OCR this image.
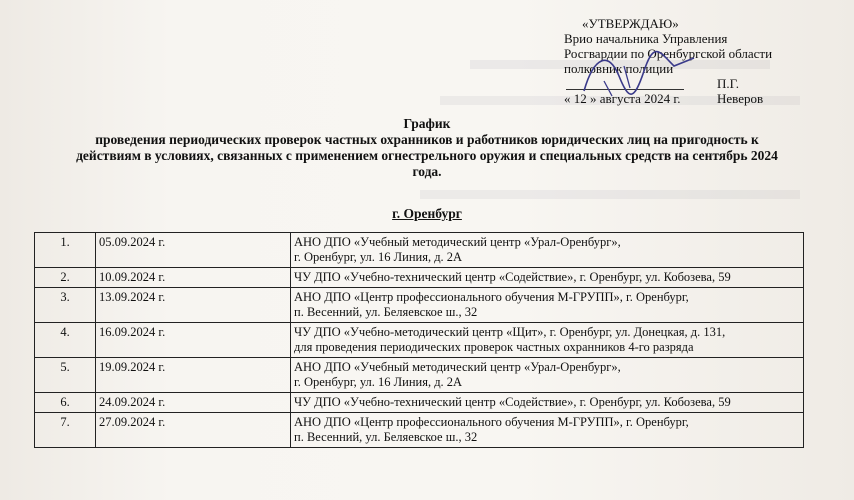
«УТВЕРЖДАЮ»
Врио начальника Управления
Росгвардии по Оренбургской области
полковник полиции
П.Г. Неверов
« 12 » августа 2024 г.
График
проведения периодических проверок частных охранников и работников юридических лиц на пригодность к
действиям в условиях, связанных с применением огнестрельного оружия и специальных средств на сентябрь 2024
года.
г. Оренбург
1.	05.09.2024 г.	АНО ДПО «Учебный методический центр «Урал-Оренбург»,
г. Оренбург, ул. 16 Линия, д. 2А

2.	10.09.2024 г.	ЧУ ДПО «Учебно-технический центр «Содействие», г. Оренбург, ул. Кобозева, 59

3.	13.09.2024 г.	АНО ДПО «Центр профессионального обучения М-ГРУПП», г. Оренбург,
п. Весенний, ул. Беляевское ш., 32

4.	16.09.2024 г.	ЧУ ДПО «Учебно-методический центр «Щит», г. Оренбург, ул. Донецкая, д. 131,
для проведения периодических проверок частных охранников 4-го разряда

5.	19.09.2024 г.	АНО ДПО «Учебный методический центр «Урал-Оренбург»,
г. Оренбург, ул. 16 Линия, д. 2А

6.	24.09.2024 г.	ЧУ ДПО «Учебно-технический центр «Содействие», г. Оренбург, ул. Кобозева, 59

7.	27.09.2024 г.	АНО ДПО «Центр профессионального обучения М-ГРУПП», г. Оренбург,
п. Весенний, ул. Беляевское ш., 32
